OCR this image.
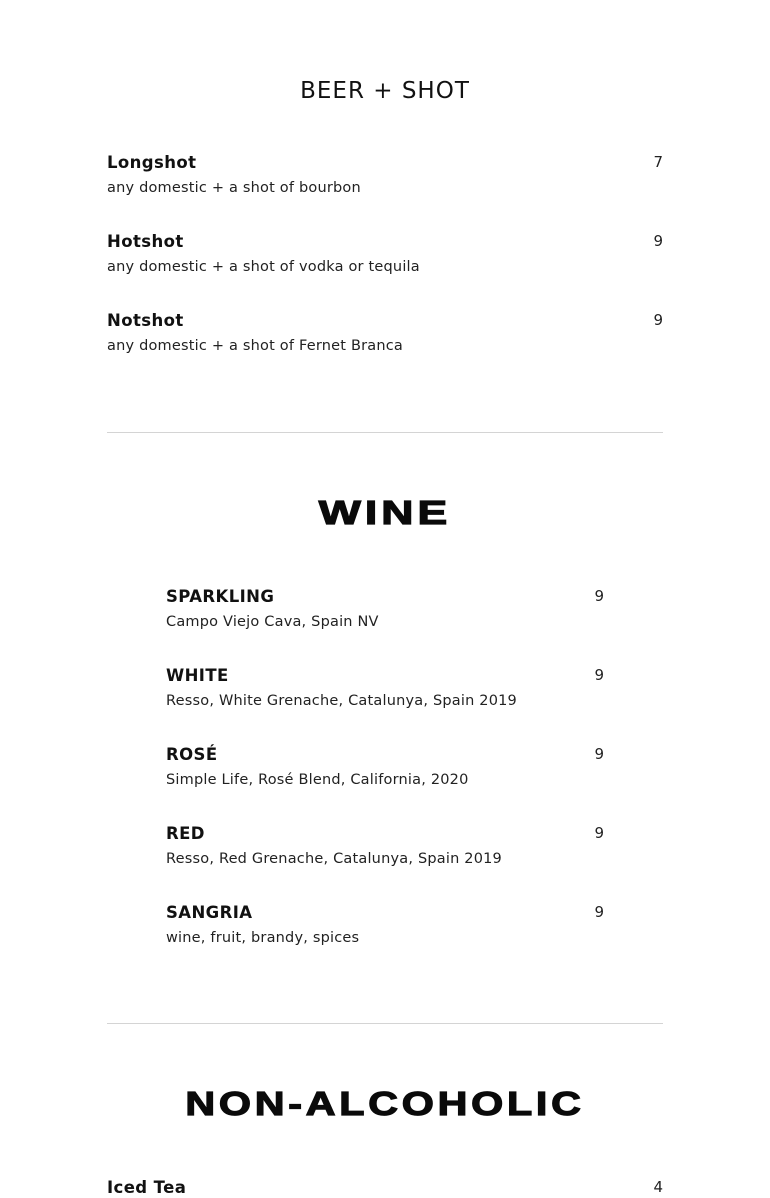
BEER + SHOT
Longshot
any domestic + a shot of bourbon
7
Hotshot
any domestic + a shot of vodka or tequila
9
Notshot
any domestic + a shot of Fernet Branca
9
WINE
SPARKLING
Campo Viejo Cava, Spain NV
9
WHITE
Resso, White Grenache, Catalunya, Spain 2019
9
ROSÉ
Simple Life, Rosé Blend, California, 2020
9
RED
Resso, Red Grenache, Catalunya, Spain 2019
9
SANGRIA
wine, fruit, brandy, spices
9
NON-ALCOHOLIC
Iced Tea	4
